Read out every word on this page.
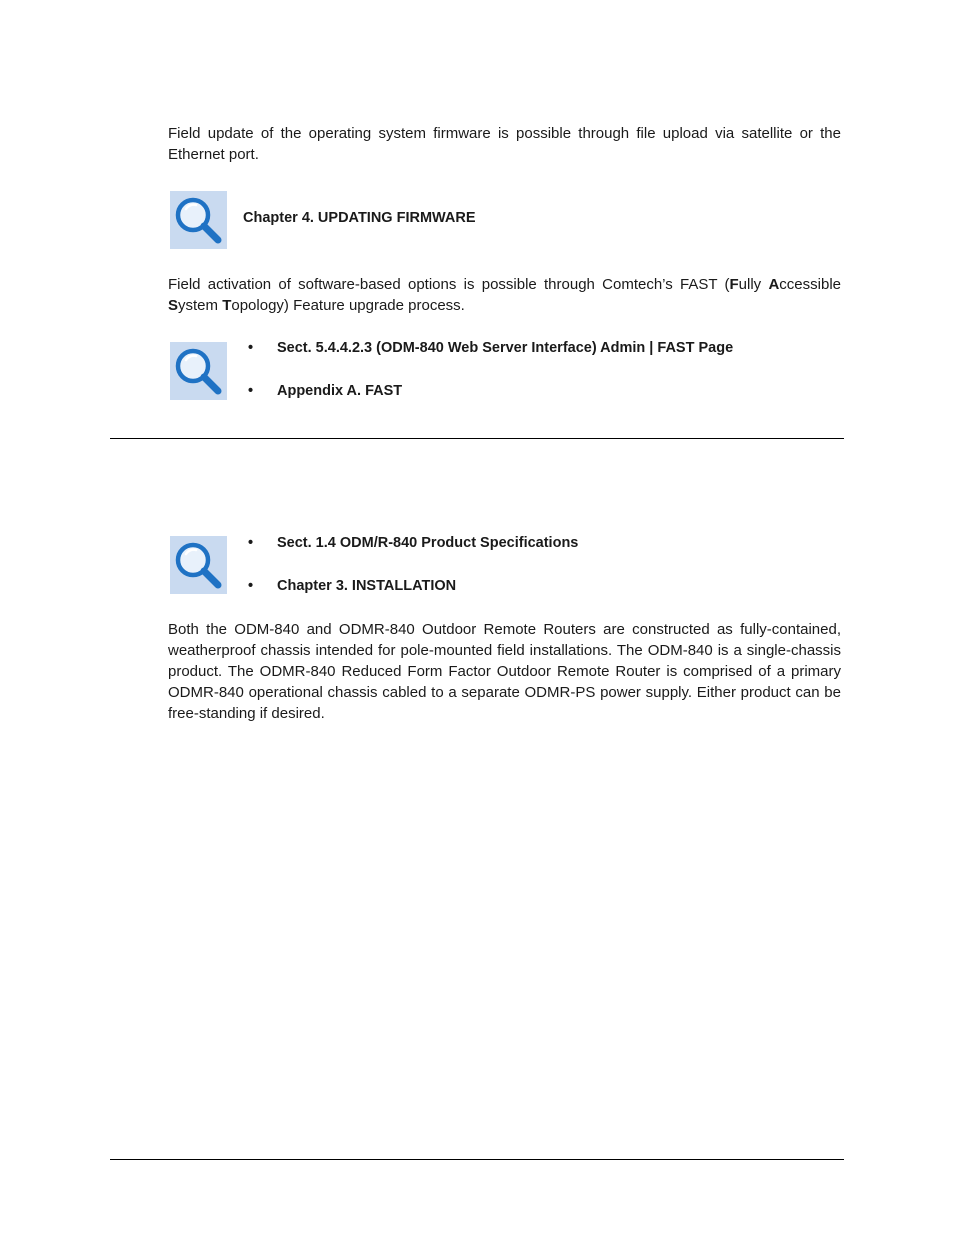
Field update of the operating system firmware is possible through file upload via satellite or the Ethernet port.

Chapter 4. UPDATING FIRMWARE

Field activation of software-based options is possible through Comtech’s FAST (Fully Accessible System Topology) Feature upgrade process.

• Sect. 5.4.4.2.3 (ODM-840 Web Server Interface) Admin | FAST Page

• Appendix A. FAST

• Sect. 1.4 ODM/R-840 Product Specifications

• Chapter 3. INSTALLATION

Both the ODM-840 and ODMR-840 Outdoor Remote Routers are constructed as fully-contained, weatherproof chassis intended for pole-mounted field installations. The ODM-840 is a single-chassis product. The ODMR-840 Reduced Form Factor Outdoor Remote Router is comprised of a primary ODMR-840 operational chassis cabled to a separate ODMR-PS power supply. Either product can be free-standing if desired.
